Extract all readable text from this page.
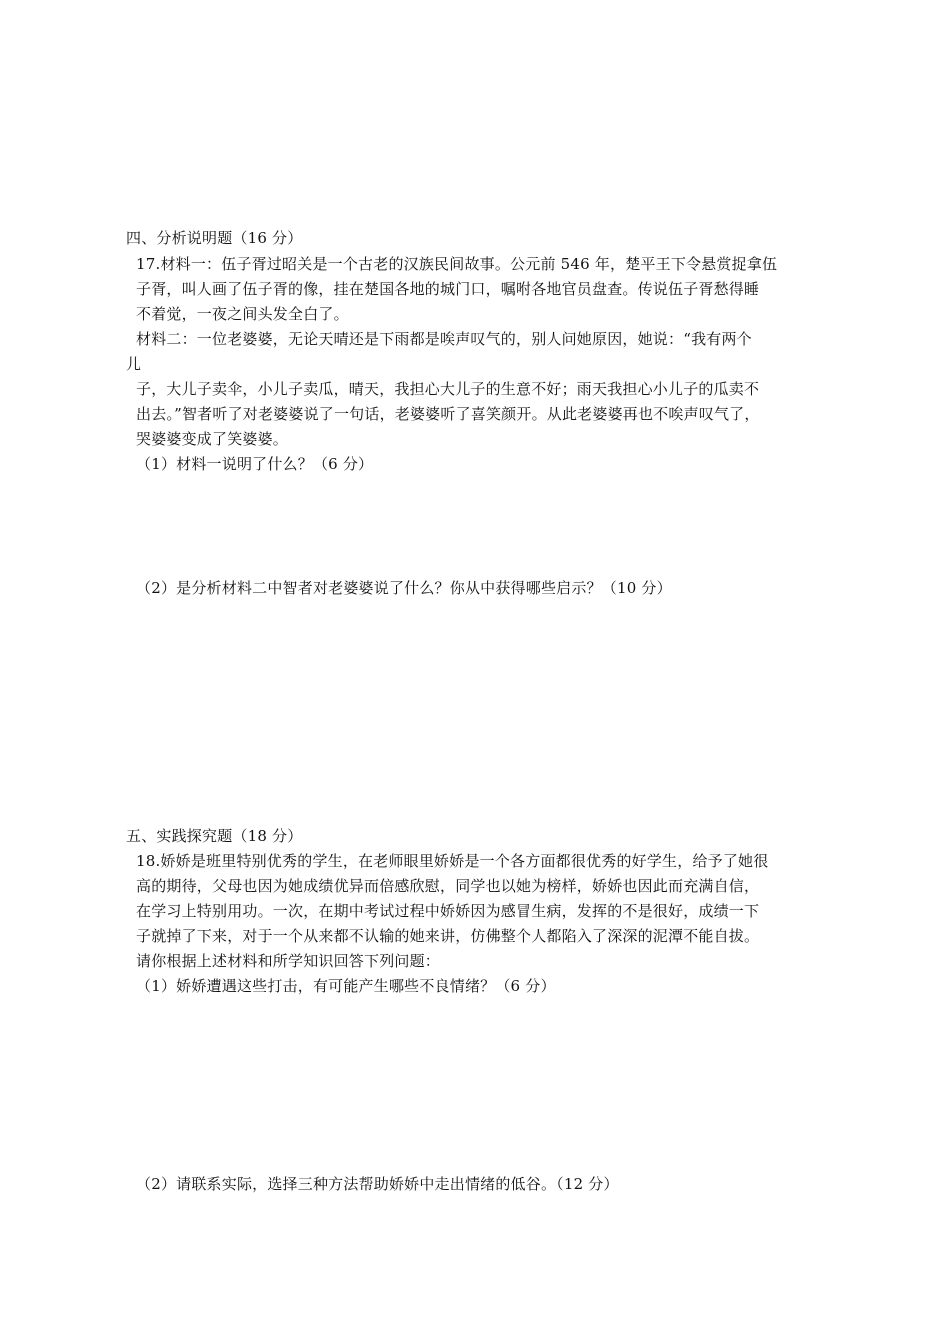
四、分析说明题（16 分）
17.材料一：伍子胥过昭关是一个古老的汉族民间故事。公元前 546 年，楚平王下令悬赏捉拿伍
子胥，叫人画了伍子胥的像，挂在楚国各地的城门口，嘱咐各地官员盘查。传说伍子胥愁得睡
不着觉，一夜之间头发全白了。
材料二：一位老婆婆，无论天晴还是下雨都是唉声叹气的，别人问她原因，她说：“我有两个
儿
子，大儿子卖伞，小儿子卖瓜，晴天，我担心大儿子的生意不好；雨天我担心小儿子的瓜卖不
出去。”智者听了对老婆婆说了一句话，老婆婆听了喜笑颜开。从此老婆婆再也不唉声叹气了，
哭婆婆变成了笑婆婆。
（1）材料一说明了什么？（6 分）
（2）是分析材料二中智者对老婆婆说了什么？你从中获得哪些启示？（10 分）
五、实践探究题（18 分）
18.娇娇是班里特别优秀的学生，在老师眼里娇娇是一个各方面都很优秀的好学生，给予了她很
高的期待，父母也因为她成绩优异而倍感欣慰，同学也以她为榜样，娇娇也因此而充满自信，
在学习上特别用功。一次，在期中考试过程中娇娇因为感冒生病，发挥的不是很好，成绩一下
子就掉了下来，对于一个从来都不认输的她来讲，仿佛整个人都陷入了深深的泥潭不能自拔。
请你根据上述材料和所学知识回答下列问题：
（1）娇娇遭遇这些打击，有可能产生哪些不良情绪？（6 分）
（2）请联系实际，选择三种方法帮助娇娇中走出情绪的低谷。（12 分）
